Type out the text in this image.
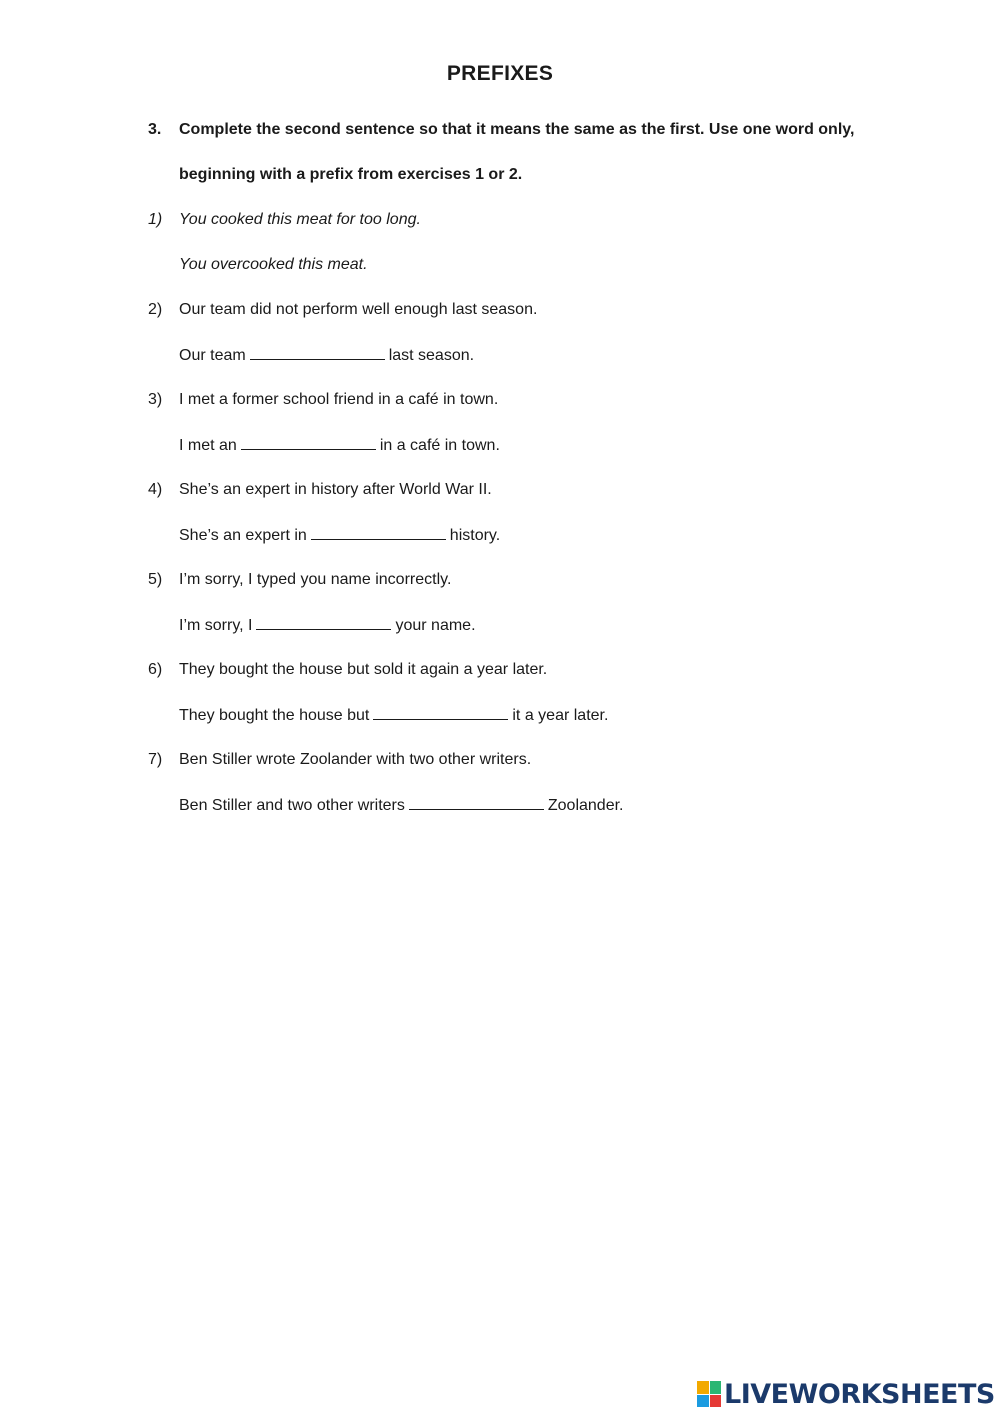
PREFIXES
3. Complete the second sentence so that it means the same as the first. Use one word only,
beginning with a prefix from exercises 1 or 2.
1) You cooked this meat for too long.
You overcooked this meat.
2) Our team did not perform well enough last season.
Our team	last season.
3) I met a former school friend in a café in town.
I met an	in a café in town.
4) She’s an expert in history after World War II.
She’s an expert in	history.
5) I’m sorry, I typed you name incorrectly.
I’m sorry, I	your name.
6) They bought the house but sold it again a year later.
They bought the house but	it a year later.
7) Ben Stiller wrote Zoolander with two other writers.
Ben Stiller and two other writers	Zoolander.
LIVEWORKSHEETS
